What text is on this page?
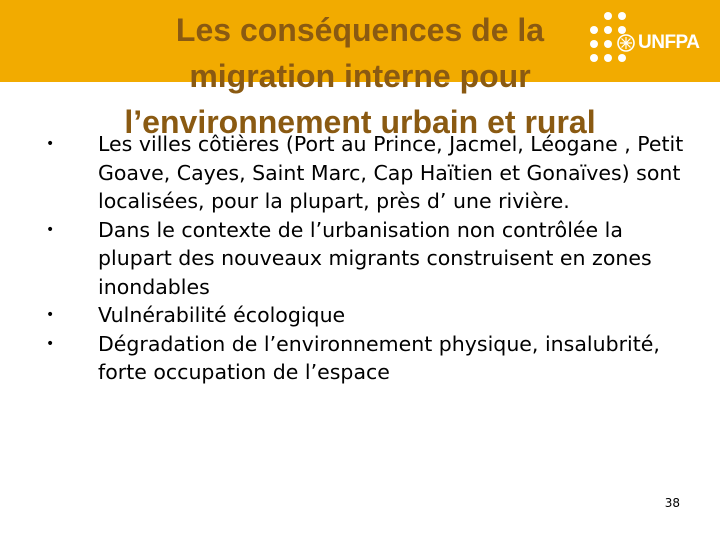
Les conséquences de la
migration interne pour
l’environnement urbain et rural
UNFPA
• Les villes côtières (Port au Prince, Jacmel, Léogane , Petit Goave, Cayes, Saint Marc, Cap Haïtien et Gonaïves) sont localisées, pour la plupart, près d’ une rivière.
• Dans le contexte de l’urbanisation non contrôlée la plupart des nouveaux migrants construisent en zones inondables
• Vulnérabilité écologique
• Dégradation de l’environnement physique, insalubrité, forte occupation de l’espace
38
